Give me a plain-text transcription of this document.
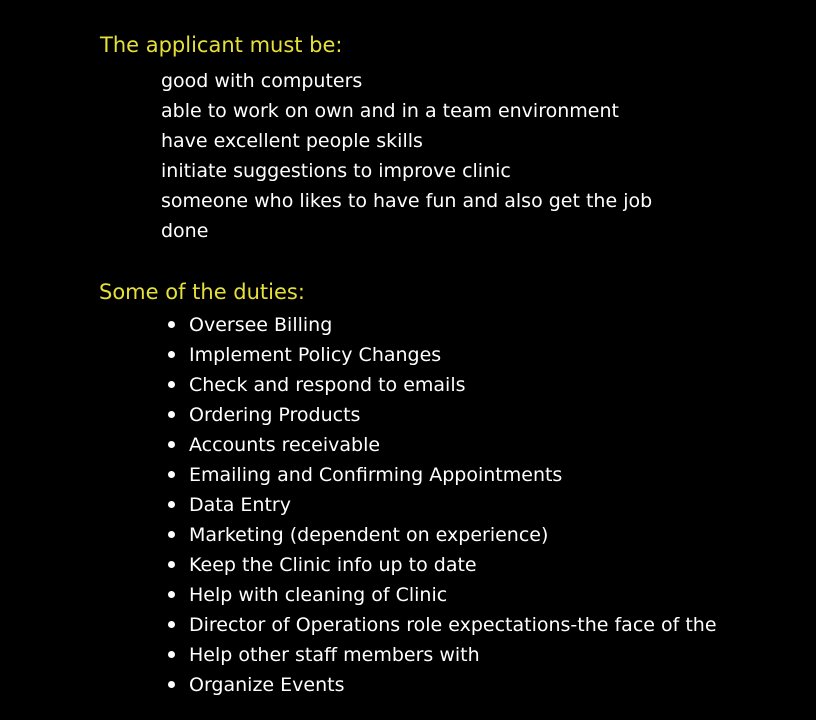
The applicant must be:
good with computers
able to work on own and in a team environment
have excellent people skills
initiate suggestions to improve clinic
someone who likes to have fun and also get the job
done
Some of the duties:
Oversee Billing
Implement Policy Changes
Check and respond to emails
Ordering Products
Accounts receivable
Emailing and Confirming Appointments
Data Entry
Marketing (dependent on experience)
Keep the Clinic info up to date
Help with cleaning of Clinic
Director of Operations role expectations-the face of the
Help other staff members with
Organize Events
